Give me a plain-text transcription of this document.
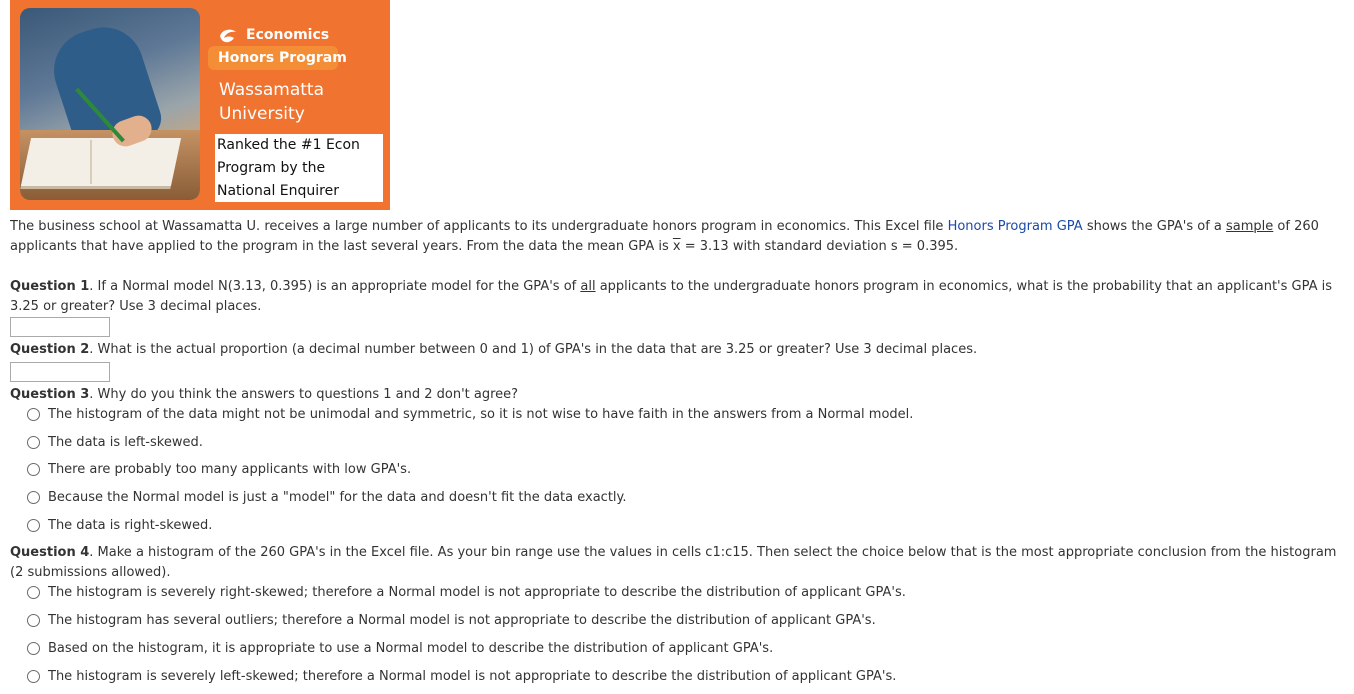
Economics
Honors Program
Wassamatta
University
Ranked the #1 Econ
Program by the
National Enquirer

The business school at Wassamatta U. receives a large number of applicants to its undergraduate honors program in economics. This Excel file Honors Program GPA shows the GPA's of a sample of 260 applicants that have applied to the program in the last several years. From the data the mean GPA is $\overline{x} = 3.13$ with standard deviation s = 0.395.

Question 1. If a Normal model N(3.13, 0.395) is an appropriate model for the GPA's of all applicants to the undergraduate honors program in economics, what is the probability that an applicant's GPA is 3.25 or greater? Use 3 decimal places.

Question 2. What is the actual proportion (a decimal number between 0 and 1) of GPA's in the data that are 3.25 or greater? Use 3 decimal places.

Question 3. Why do you think the answers to questions 1 and 2 don't agree?

The histogram of the data might not be unimodal and symmetric, so it is not wise to have faith in the answers from a Normal model.
The data is left-skewed.
There are probably too many applicants with low GPA's.
Because the Normal model is just a "model" for the data and doesn't fit the data exactly.
The data is right-skewed.

Question 4. Make a histogram of the 260 GPA's in the Excel file. As your bin range use the values in cells c1:c15. Then select the choice below that is the most appropriate conclusion from the histogram (2 submissions allowed).

The histogram is severely right-skewed; therefore a Normal model is not appropriate to describe the distribution of applicant GPA's.
The histogram has several outliers; therefore a Normal model is not appropriate to describe the distribution of applicant GPA's.
Based on the histogram, it is appropriate to use a Normal model to describe the distribution of applicant GPA's.
The histogram is severely left-skewed; therefore a Normal model is not appropriate to describe the distribution of applicant GPA's.
